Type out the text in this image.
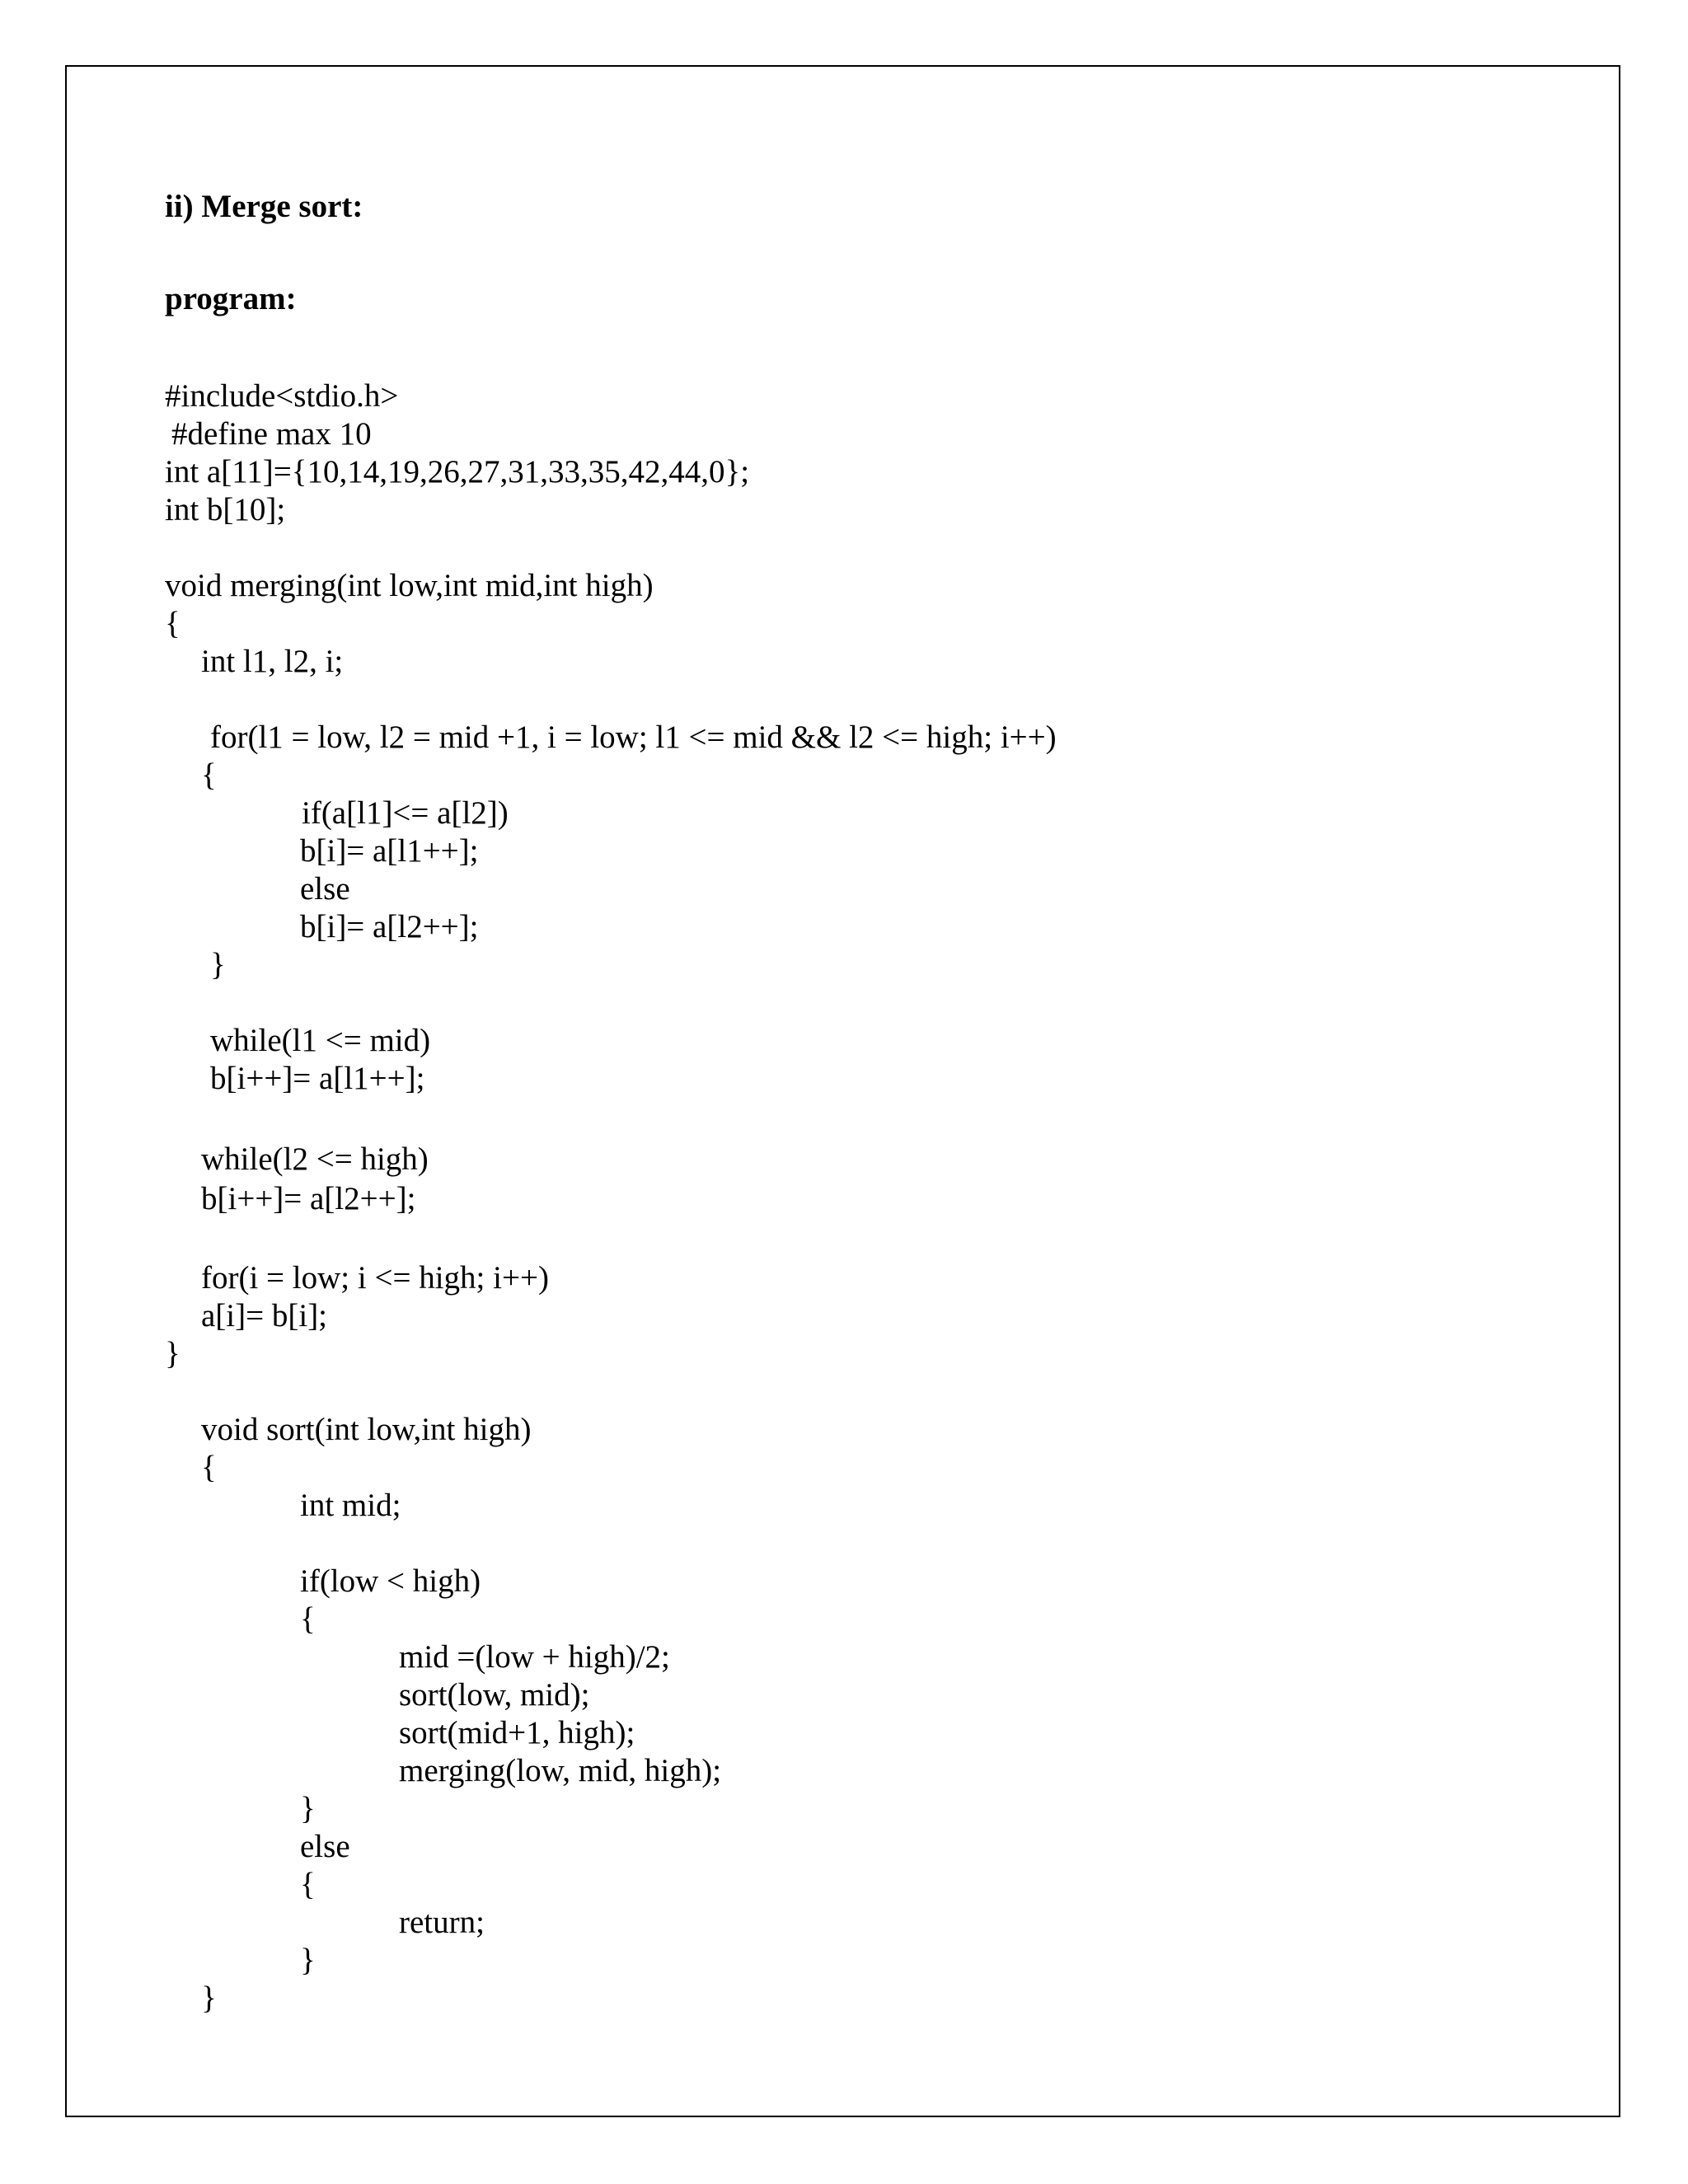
ii) Merge sort:
program:
#include<stdio.h>
#define max 10
int a[11]={10,14,19,26,27,31,33,35,42,44,0};
int b[10];
void merging(int low,int mid,int high)
{
int l1, l2, i;
for(l1 = low, l2 = mid +1, i = low; l1 <= mid && l2 <= high; i++)
{
if(a[l1]<= a[l2])
b[i]= a[l1++];
else
b[i]= a[l2++];
}
while(l1 <= mid)
b[i++]= a[l1++];
while(l2 <= high)
b[i++]= a[l2++];
for(i = low; i <= high; i++)
a[i]= b[i];
}
void sort(int low,int high)
{
int mid;
if(low < high)
{
mid =(low + high)/2;
sort(low, mid);
sort(mid+1, high);
merging(low, mid, high);
}
else
{
return;
}
}
